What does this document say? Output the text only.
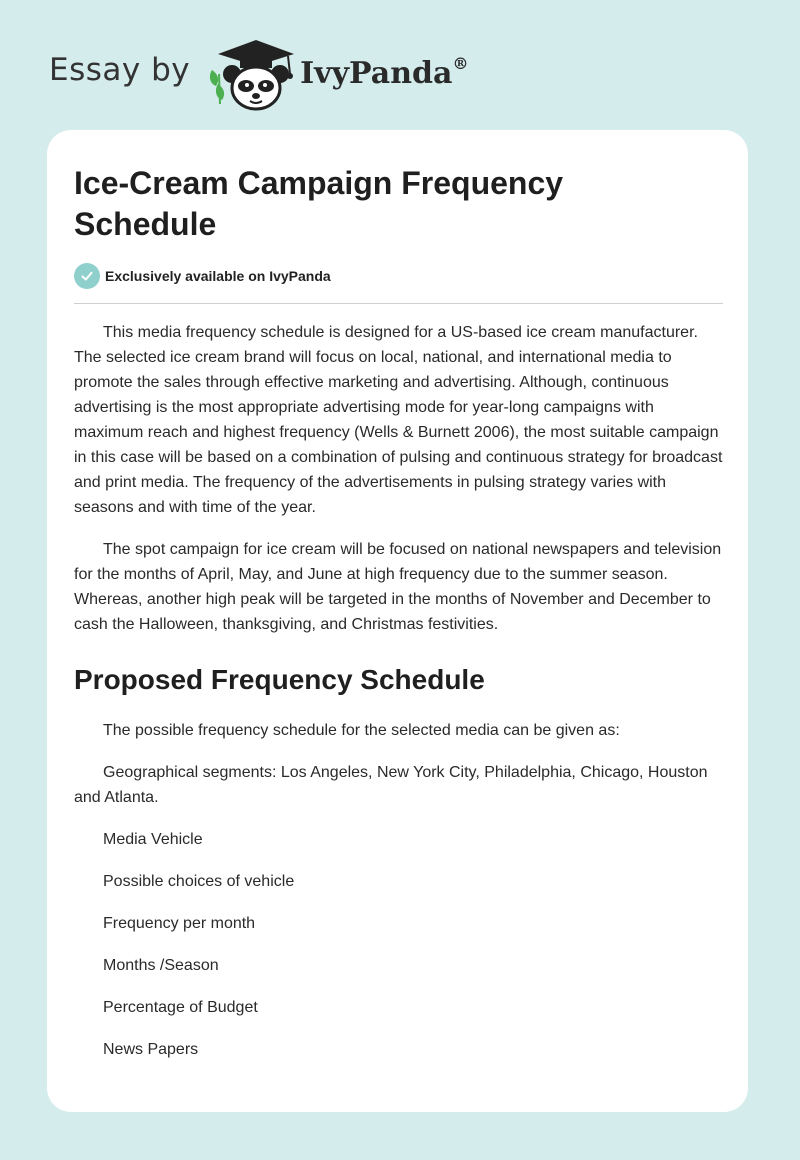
Essay by	IvyPanda®
Ice-Cream Campaign Frequency Schedule
Exclusively available on IvyPanda

This media frequency schedule is designed for a US-based ice cream manufacturer. The selected ice cream brand will focus on local, national, and international media to promote the sales through effective marketing and advertising. Although, continuous advertising is the most appropriate advertising mode for year-long campaigns with maximum reach and highest frequency (Wells & Burnett 2006), the most suitable campaign in this case will be based on a combination of pulsing and continuous strategy for broadcast and print media. The frequency of the advertisements in pulsing strategy varies with seasons and with time of the year.

The spot campaign for ice cream will be focused on national newspapers and television for the months of April, May, and June at high frequency due to the summer season. Whereas, another high peak will be targeted in the months of November and December to cash the Halloween, thanksgiving, and Christmas festivities.

Proposed Frequency Schedule

The possible frequency schedule for the selected media can be given as:

Geographical segments: Los Angeles, New York City, Philadelphia, Chicago, Houston and Atlanta.

Media Vehicle

Possible choices of vehicle

Frequency per month

Months /Season

Percentage of Budget

News Papers
